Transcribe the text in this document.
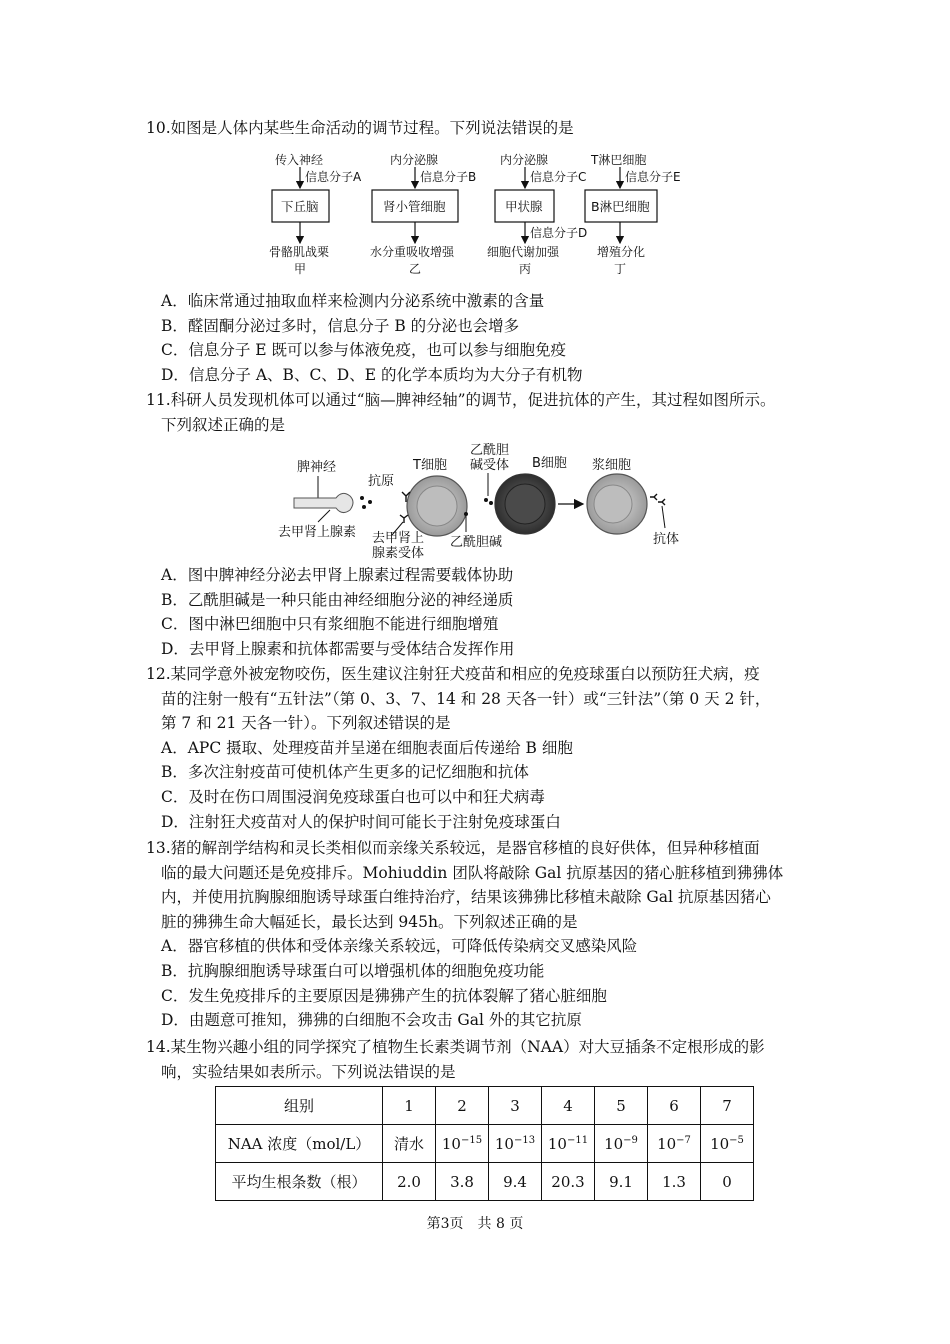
10.如图是人体内某些生命活动的调节过程。下列说法错误的是
传入神经
信息分子A
下丘脑
骨骼肌战栗
甲
内分泌腺
信息分子B
肾小管细胞
水分重吸收增强
乙
内分泌腺
信息分子C
甲状腺
信息分子D
细胞代谢加强
丙
T淋巴细胞
信息分子E
B淋巴细胞
增殖分化
丁
A．临床常通过抽取血样来检测内分泌系统中激素的含量
B．醛固酮分泌过多时，信息分子 B 的分泌也会增多
C．信息分子 E 既可以参与体液免疫，也可以参与细胞免疫
D．信息分子 A、B、C、D、E 的化学本质均为大分子有机物
11.科研人员发现机体可以通过“脑—脾神经轴”的调节，促进抗体的产生，其过程如图所示。
下列叙述正确的是
脾神经
去甲肾上腺素
抗原
T细胞
去甲肾上
腺素受体
乙酰胆碱
乙酰胆
碱受体 B细胞 浆细胞
抗体
A．图中脾神经分泌去甲肾上腺素过程需要载体协助
B．乙酰胆碱是一种只能由神经细胞分泌的神经递质
C．图中淋巴细胞中只有浆细胞不能进行细胞增殖
D．去甲肾上腺素和抗体都需要与受体结合发挥作用
12.某同学意外被宠物咬伤，医生建议注射狂犬疫苗和相应的免疫球蛋白以预防狂犬病，疫
苗的注射一般有“五针法”（第 0、3、7、14 和 28 天各一针）或“三针法”（第 0 天 2 针，
第 7 和 21 天各一针）。下列叙述错误的是
A．APC 摄取、处理疫苗并呈递在细胞表面后传递给 B 细胞
B．多次注射疫苗可使机体产生更多的记忆细胞和抗体
C．及时在伤口周围浸润免疫球蛋白也可以中和狂犬病毒
D．注射狂犬疫苗对人的保护时间可能长于注射免疫球蛋白
13.猪的解剖学结构和灵长类相似而亲缘关系较远，是器官移植的良好供体，但异种移植面
临的最大问题还是免疫排斥。Mohiuddin 团队将敲除 Gal 抗原基因的猪心脏移植到狒狒体
内，并使用抗胸腺细胞诱导球蛋白维持治疗，结果该狒狒比移植未敲除 Gal 抗原基因猪心
脏的狒狒生命大幅延长，最长达到 945h。下列叙述正确的是
A．器官移植的供体和受体亲缘关系较远，可降低传染病交叉感染风险
B．抗胸腺细胞诱导球蛋白可以增强机体的细胞免疫功能
C．发生免疫排斥的主要原因是狒狒产生的抗体裂解了猪心脏细胞
D．由题意可推知，狒狒的白细胞不会攻击 Gal 外的其它抗原
14.某生物兴趣小组的同学探究了植物生长素类调节剂（NAA）对大豆插条不定根形成的影
响，实验结果如表所示。下列说法错误的是
组别	1	2	3	4	5	6	7
NAA 浓度（mol/L）	清水	$10^{-15}$	$10^{-13}$	$10^{-11}$	$10^{-9}$	$10^{-7}$	$10^{-5}$
平均生根条数（根）	2.0	3.8	9.4	20.3	9.1	1.3	0
第3页　共 8 页
